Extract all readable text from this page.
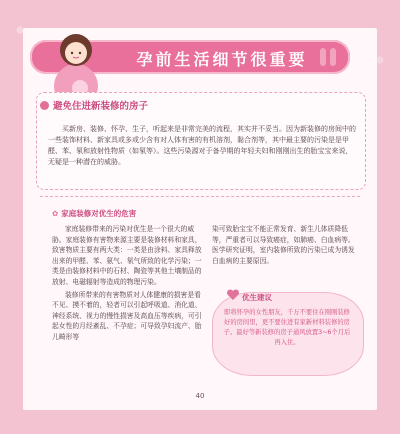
孕前生活细节很重要
避免住进新装修的房子
买新房、装修、怀孕、生子，听起来是非常完美的流程，其实并不妥当。因为新装修的房间中的一些装饰材料、新家具或多或少含有对人体有害的有机溶剂，黏合剂等，其中最主要的污染是是甲醛、苯、氡和放射性物质（如氡等）。这些污染源对于备孕期的年轻夫妇和刚刚出生的胎宝宝来说，无疑是一种潜在的威胁。
✿ 家庭装修对优生的危害

家庭装修带来的污染对优生是一个很大的威胁。家庭装修有害物来源主要是装修材料和家具，致害物质主要有两大类：一类是由涂料、家具释放出来的甲醛、苯、氨气、氡气所致的化学污染；一类是由装修材料中的石材、陶瓷等其他土壤制品的放射、电磁辐射等造成的物理污染。

装修所带来的有害物质对人体健康的损害是看不见、摸不着的，轻者可以引起呼吸道、消化道、神经系统、视力的慢性损害及高血压等疾病，可引起女性的月经紊乱、不孕症；可导致孕妇流产、胎儿畸形等

染可致胎宝宝不能正常发育、新生儿体质降低等，严重者可以导致癌症，如肺癌、白血病等。医学研究证明，室内装修所致的污染已成为诱发白血病的主要原因。
优生建议
即将怀孕的女性朋友，千万不要住在刚刚装修好的房间里，更不要住进有家新材料装修的房子。最好等新装修的房子通风放置3~6个月后再入住。
40
